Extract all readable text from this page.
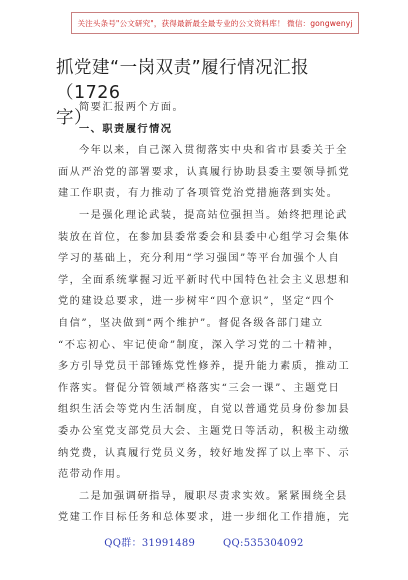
关注头条号"公文研究"，获得最新最全最专业的公文资料库！ 微信：gongwenyj
抓党建“一岗双责”履行情况汇报（1726
字）
简要汇报两个方面。
一、职责履行情况
今年以来，自己深入贯彻落实中央和省市县委关于全
面从严治党的部署要求，认真履行协助县委主要领导抓党
建工作职责，有力推动了各项管党治党措施落到实处。
一是强化理论武装，提高站位强担当。始终把理论武
装放在首位，在参加县委常委会和县委中心组学习会集体
学习的基础上，充分利用“学习强国”等平台加强个人自
学，全面系统掌握习近平新时代中国特色社会主义思想和
党的建设总要求，进一步树牢“四个意识”，坚定“四个
自信”，坚决做到“两个维护”。督促各级各部门建立
“不忘初心、牢记使命”制度，深入学习党的二十精神，
多方引导党员干部锤炼党性修养，提升能力素质，推动工
作落实。督促分管领域严格落实“三会一课”、主题党日
组织生活会等党内生活制度，自觉以普通党员身份参加县
委办公室党支部党员大会、主题党日等活动，积极主动缴
纳党费，认真履行党员义务，较好地发挥了以上率下、示
范带动作用。
二是加强调研指导，履职尽责求实效。紧紧围绕全县
党建工作目标任务和总体要求，进一步细化工作措施，完
QQ群：31991489	QQ:535304092
